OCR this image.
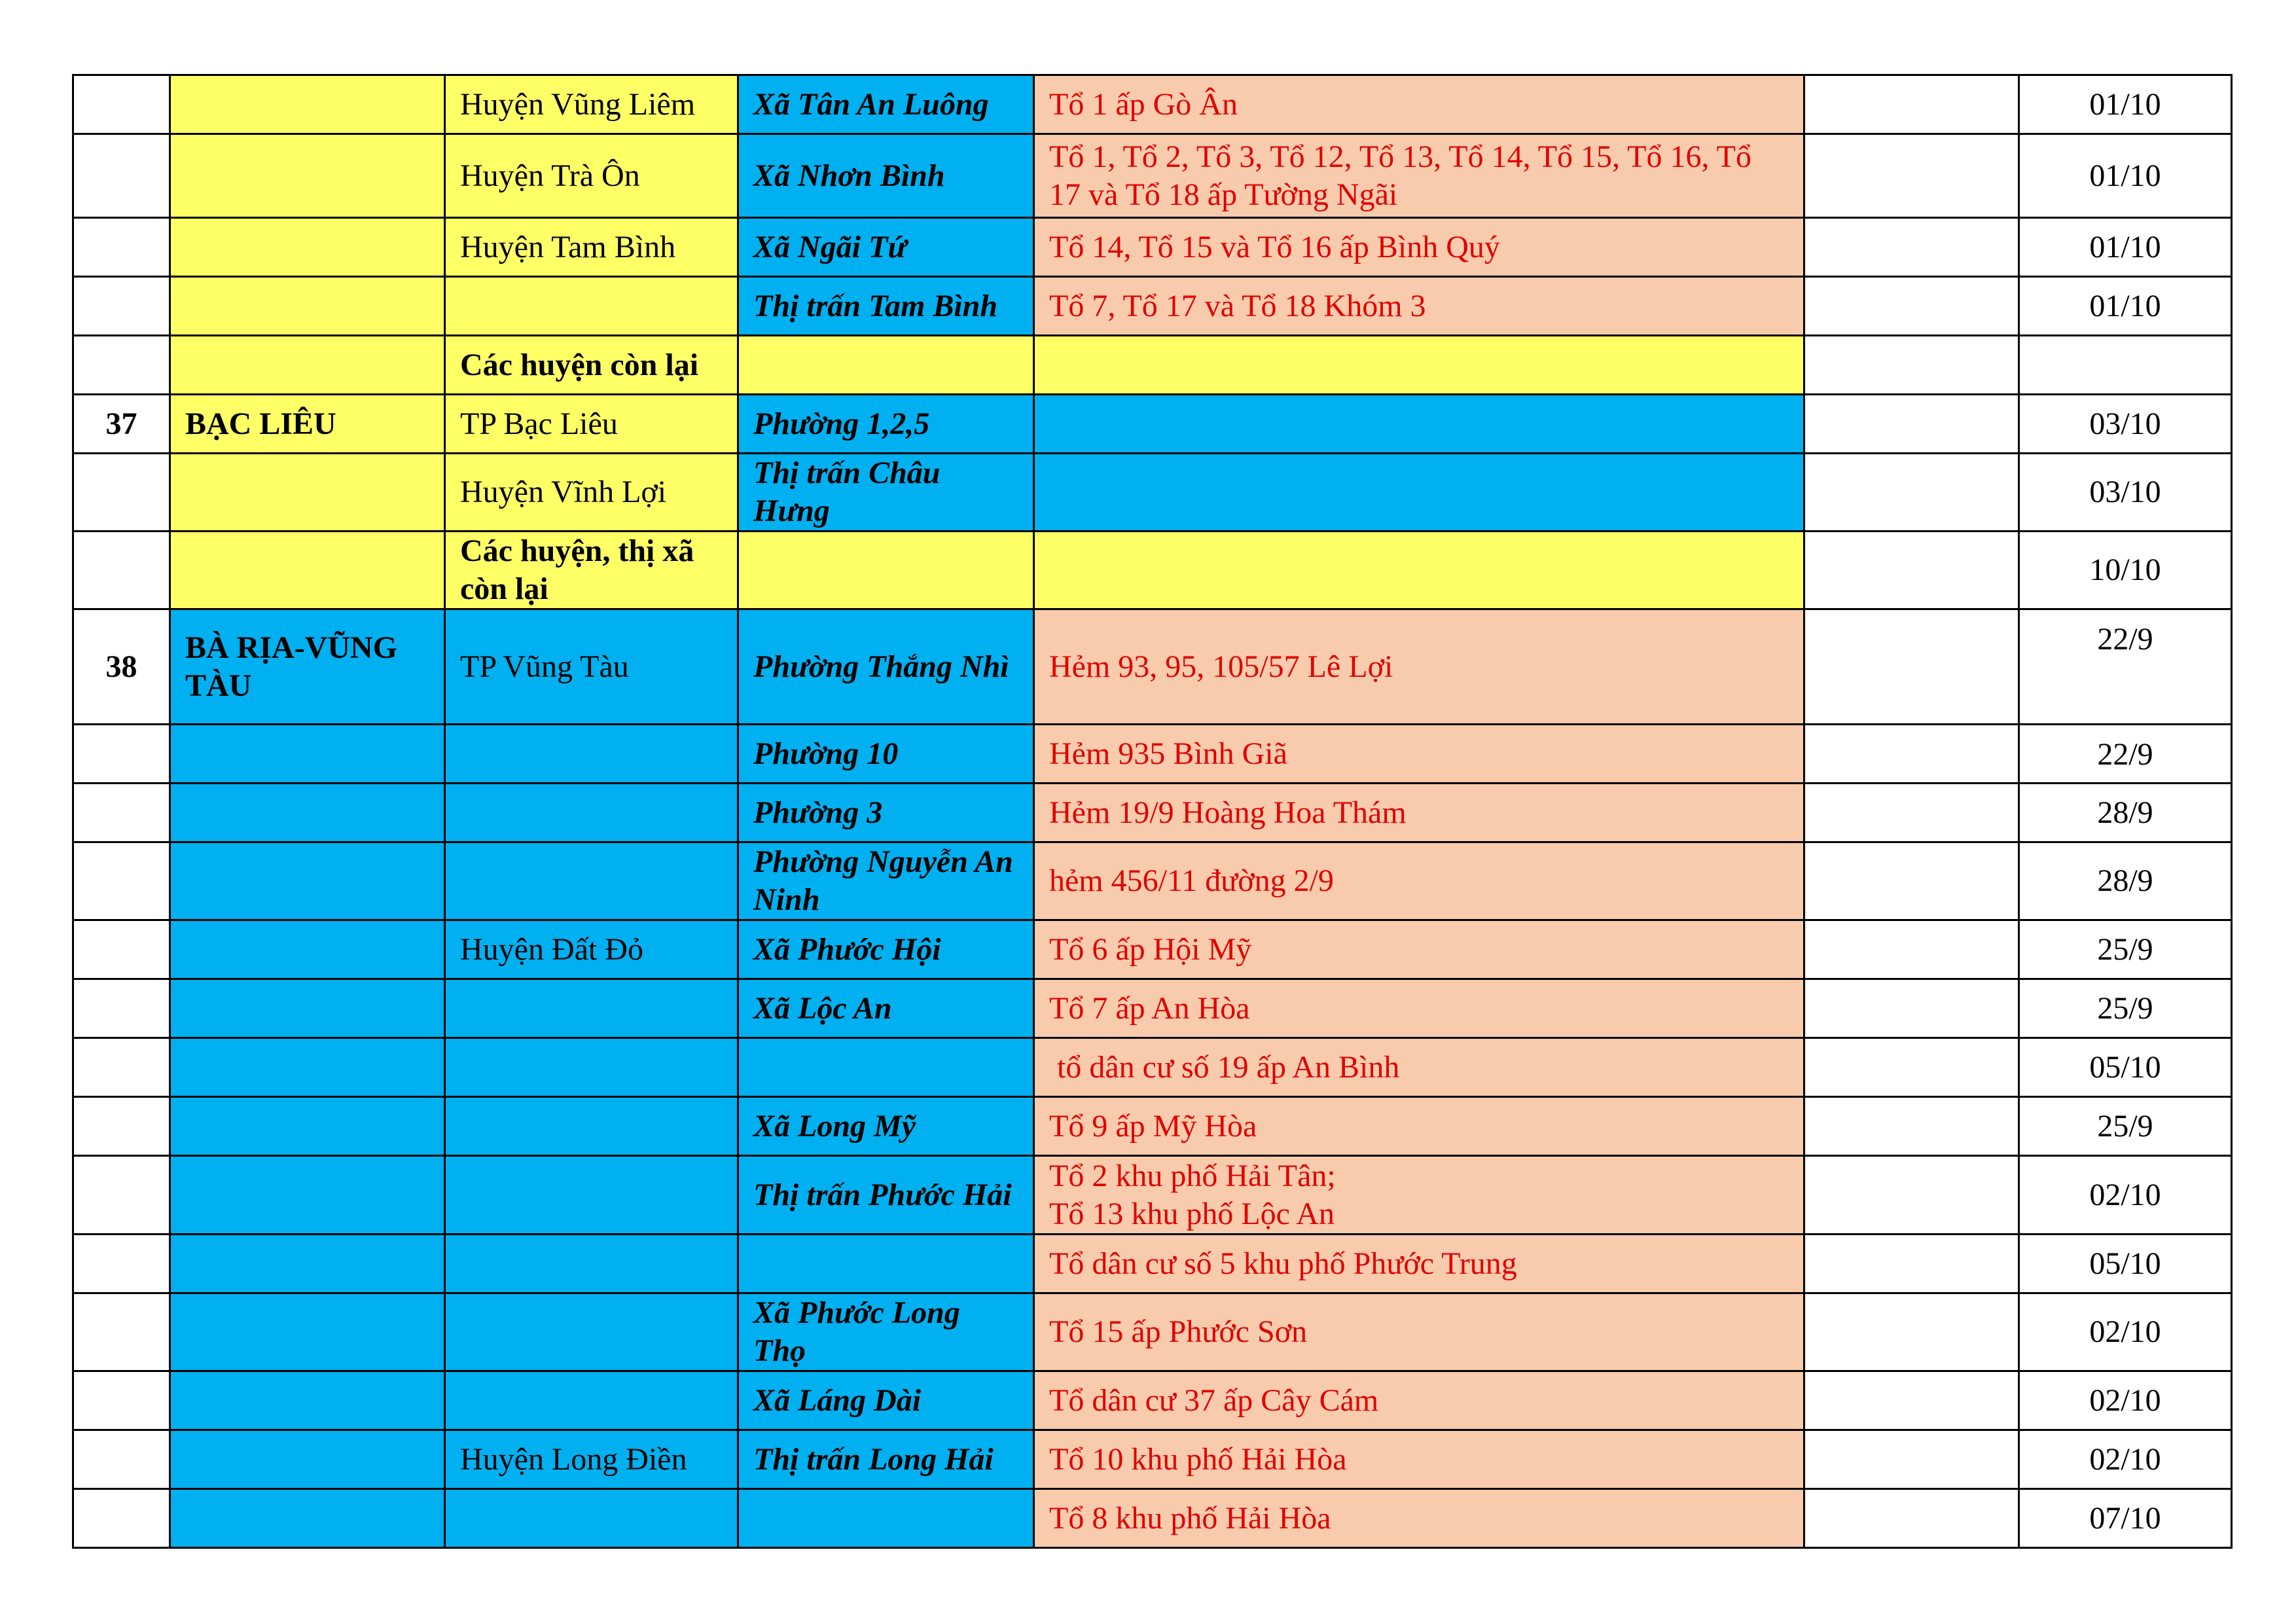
		Huyện Vũng Liêm	Xã Tân An Luông	Tổ 1 ấp Gò Ân		01/10
		Huyện Trà Ôn	Xã Nhơn Bình	Tổ 1, Tổ 2, Tổ 3, Tổ 12, Tổ 13, Tổ 14, Tổ 15, Tổ 16, Tổ 17 và Tổ 18 ấp Tường Ngãi		01/10
		Huyện Tam Bình	Xã Ngãi Tứ	Tổ 14, Tổ 15 và Tổ 16 ấp Bình Quý		01/10
			Thị trấn Tam Bình	Tổ 7, Tổ 17 và Tổ 18 Khóm 3		01/10
		Các huyện còn lại				
37	BẠC LIÊU	TP Bạc Liêu	Phường 1,2,5			03/10
		Huyện Vĩnh Lợi	Thị trấn Châu Hưng			03/10
		Các huyện, thị xã còn lại				10/10
38	BÀ RỊA-VŨNG TÀU	TP Vũng Tàu	Phường Thắng Nhì	Hẻm 93, 95, 105/57 Lê Lợi		22/9
			Phường 10	Hẻm 935 Bình Giã		22/9
			Phường 3	Hẻm 19/9 Hoàng Hoa Thám		28/9
			Phường Nguyễn An Ninh	hẻm 456/11 đường 2/9		28/9
		Huyện Đất Đỏ	Xã Phước Hội	Tổ 6 ấp Hội Mỹ		25/9
			Xã Lộc An	Tổ 7 ấp An Hòa		25/9
				tổ dân cư số 19 ấp An Bình		05/10
			Xã Long Mỹ	Tổ 9 ấp Mỹ Hòa		25/9
			Thị trấn Phước Hải	Tổ 2 khu phố Hải Tân;
Tổ 13 khu phố Lộc An		02/10
				Tổ dân cư số 5 khu phố Phước Trung		05/10
			Xã Phước Long Thọ	Tổ 15 ấp Phước Sơn		02/10
			Xã Láng Dài	Tổ dân cư 37 ấp Cây Cám		02/10
		Huyện Long Điền	Thị trấn Long Hải	Tổ 10 khu phố Hải Hòa		02/10
				Tổ 8 khu phố Hải Hòa		07/10
